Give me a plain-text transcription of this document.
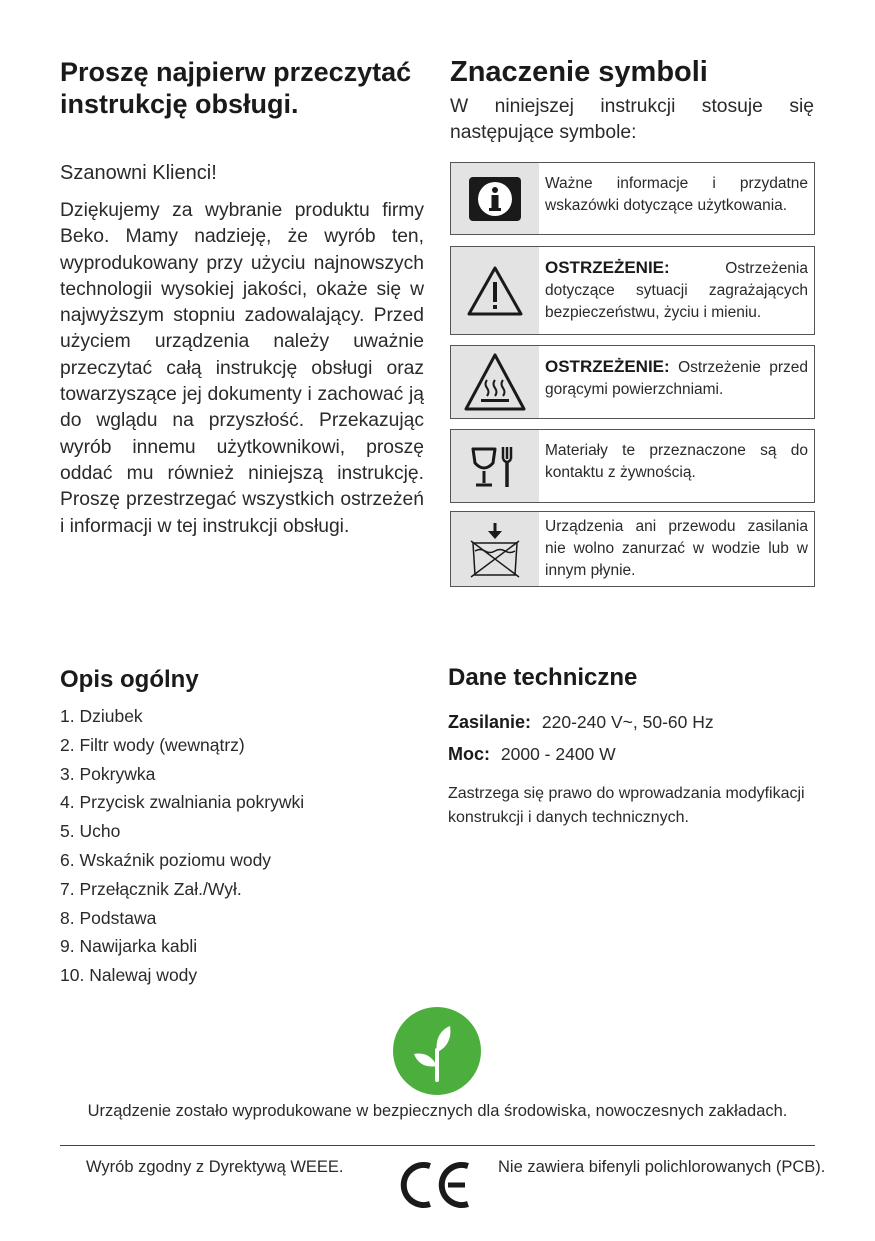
Proszę najpierw przeczytać instrukcję obsługi.
Szanowni Klienci!

Dziękujemy za wybranie produktu firmy Beko. Mamy nadzieję, że wyrób ten, wyprodukowany przy użyciu najnowszych technologii wysokiej jakości, okaże się w najwyższym stopniu zadowalający. Przed użyciem urządzenia należy uważnie przeczytać całą instrukcję obsługi oraz towarzyszące jej dokumenty i zachować ją do wglądu na przyszłość. Przekazując wyrób innemu użytkownikowi, proszę oddać mu również niniejszą instrukcję. Proszę przestrzegać wszystkich ostrzeżeń i informacji w tej instrukcji obsługi.

Znaczenie symboli

W niniejszej instrukcji stosuje się następujące symbole:

Ważne informacje i przydatne wskazówki dotyczące użytkowania.
OSTRZEŻENIE:	Ostrzeżenia dotyczące sytuacji zagrażających bezpieczeństwu, życiu i mieniu.
OSTRZEŻENIE: Ostrzeżenie przed gorącymi powierzchniami.
Materiały te przeznaczone są do kontaktu z żywnością.
Urządzenia ani przewodu zasilania nie wolno zanurzać w wodzie lub w innym płynie.
Opis ogólny
1. Dziubek
2. Filtr wody (wewnątrz)
3. Pokrywka
4. Przycisk zwalniania pokrywki
5. Ucho
6. Wskaźnik poziomu wody
7. Przełącznik Zał./Wył.
8. Podstawa
9. Nawijarka kabli
10. Nalewaj wody
Dane techniczne
Zasilanie: 220-240 V~, 50-60 Hz
Moc: 2000 - 2400 W

Zastrzega się prawo do wprowadzania modyfikacji konstrukcji i danych technicznych.

Urządzenie zostało wyprodukowane w bezpiecznych dla środowiska, nowoczesnych zakładach.
Wyrób zgodny z Dyrektywą WEEE.	Nie zawiera bifenyli polichlorowanych (PCB).
